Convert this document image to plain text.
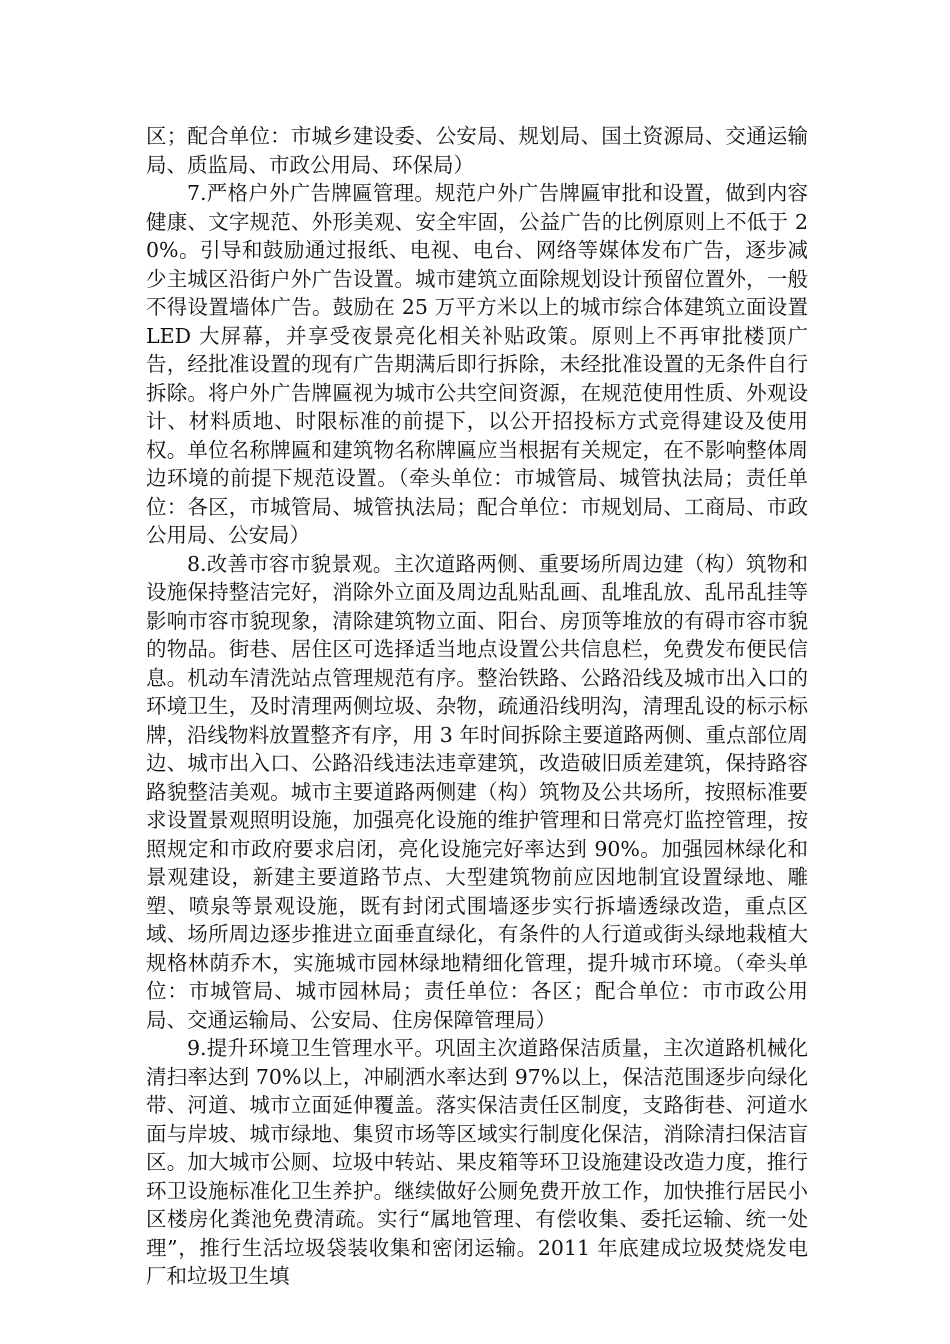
区；配合单位：市城乡建设委、公安局、规划局、国土资源局、交通运输局、质监局、市政公用局、环保局）

7.严格户外广告牌匾管理。规范户外广告牌匾审批和设置，做到内容健康、文字规范、外形美观、安全牢固，公益广告的比例原则上不低于 20%。引导和鼓励通过报纸、电视、电台、网络等媒体发布广告，逐步减少主城区沿街户外广告设置。城市建筑立面除规划设计预留位置外，一般不得设置墙体广告。鼓励在 25 万平方米以上的城市综合体建筑立面设置 LED 大屏幕，并享受夜景亮化相关补贴政策。原则上不再审批楼顶广告，经批准设置的现有广告期满后即行拆除，未经批准设置的无条件自行拆除。将户外广告牌匾视为城市公共空间资源，在规范使用性质、外观设计、材料质地、时限标准的前提下，以公开招投标方式竞得建设及使用权。单位名称牌匾和建筑物名称牌匾应当根据有关规定，在不影响整体周边环境的前提下规范设置。（牵头单位：市城管局、城管执法局；责任单位：各区，市城管局、城管执法局；配合单位：市规划局、工商局、市政公用局、公安局）

8.改善市容市貌景观。主次道路两侧、重要场所周边建（构）筑物和设施保持整洁完好，消除外立面及周边乱贴乱画、乱堆乱放、乱吊乱挂等影响市容市貌现象，清除建筑物立面、阳台、房顶等堆放的有碍市容市貌的物品。街巷、居住区可选择适当地点设置公共信息栏，免费发布便民信息。机动车清洗站点管理规范有序。整治铁路、公路沿线及城市出入口的环境卫生，及时清理两侧垃圾、杂物，疏通沿线明沟，清理乱设的标示标牌，沿线物料放置整齐有序，用 3 年时间拆除主要道路两侧、重点部位周边、城市出入口、公路沿线违法违章建筑，改造破旧质差建筑，保持路容路貌整洁美观。城市主要道路两侧建（构）筑物及公共场所，按照标准要求设置景观照明设施，加强亮化设施的维护管理和日常亮灯监控管理，按照规定和市政府要求启闭，亮化设施完好率达到 90%。加强园林绿化和景观建设，新建主要道路节点、大型建筑物前应因地制宜设置绿地、雕塑、喷泉等景观设施，既有封闭式围墙逐步实行拆墙透绿改造，重点区域、场所周边逐步推进立面垂直绿化，有条件的人行道或街头绿地栽植大规格林荫乔木，实施城市园林绿地精细化管理，提升城市环境。（牵头单位：市城管局、城市园林局；责任单位：各区；配合单位：市市政公用局、交通运输局、公安局、住房保障管理局）

9.提升环境卫生管理水平。巩固主次道路保洁质量，主次道路机械化清扫率达到 70%以上，冲刷洒水率达到 97%以上，保洁范围逐步向绿化带、河道、城市立面延伸覆盖。落实保洁责任区制度，支路街巷、河道水面与岸坡、城市绿地、集贸市场等区域实行制度化保洁，消除清扫保洁盲区。加大城市公厕、垃圾中转站、果皮箱等环卫设施建设改造力度，推行环卫设施标准化卫生养护。继续做好公厕免费开放工作，加快推行居民小区楼房化粪池免费清疏。实行“属地管理、有偿收集、委托运输、统一处理”，推行生活垃圾袋装收集和密闭运输。2011 年底建成垃圾焚烧发电厂和垃圾卫生填
